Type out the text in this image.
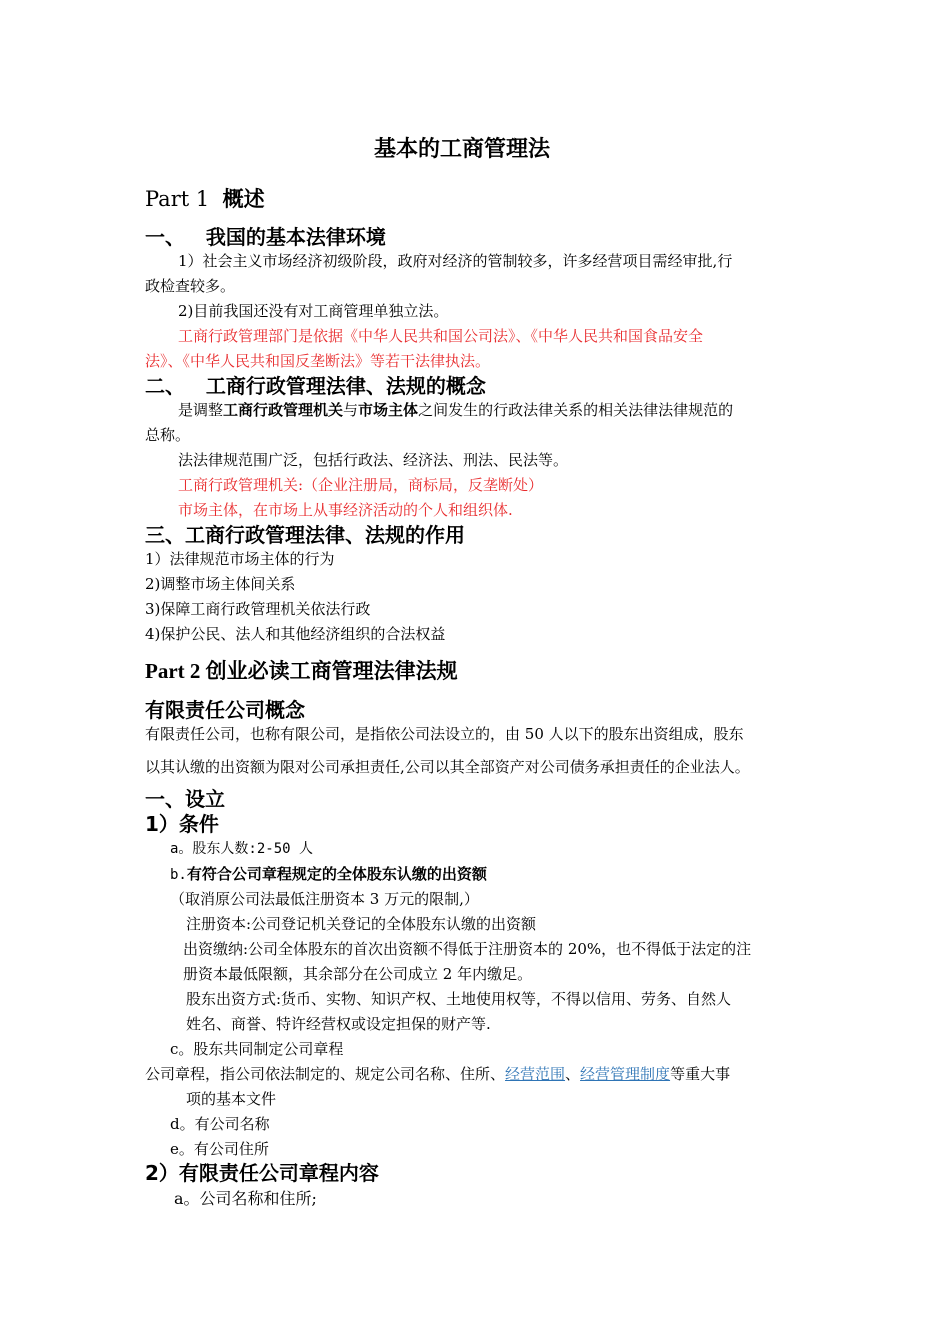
基本的工商管理法
Part 1 概述
一、 我国的基本法律环境
1）社会主义市场经济初级阶段，政府对经济的管制较多，许多经营项目需经审批,行
政检查较多。
2)目前我国还没有对工商管理单独立法。
工商行政管理部门是依据《中华人民共和国公司法》、《中华人民共和国食品安全
法》、《中华人民共和国反垄断法》等若干法律执法。
二、 工商行政管理法律、法规的概念
是调整工商行政管理机关与市场主体之间发生的行政法律关系的相关法律法律规范的
总称。
法法律规范围广泛，包括行政法、经济法、刑法、民法等。
工商行政管理机关:（企业注册局，商标局，反垄断处）
市场主体，在市场上从事经济活动的个人和组织体.
三、工商行政管理法律、法规的作用
1）法律规范市场主体的行为
2)调整市场主体间关系
3)保障工商行政管理机关依法行政
4)保护公民、法人和其他经济组织的合法权益
Part 2 创业必读工商管理法律法规
有限责任公司概念
有限责任公司，也称有限公司，是指依公司法设立的，由 50 人以下的股东出资组成，股东
以其认缴的出资额为限对公司承担责任,公司以其全部资产对公司债务承担责任的企业法人。
一、设立
1）条件
a。股东人数:2-50 人
b.有符合公司章程规定的全体股东认缴的出资额
（取消原公司法最低注册资本 3 万元的限制,）
注册资本:公司登记机关登记的全体股东认缴的出资额
出资缴纳:公司全体股东的首次出资额不得低于注册资本的 20%，也不得低于法定的注
册资本最低限额，其余部分在公司成立 2 年内缴足。
股东出资方式:货币、实物、知识产权、土地使用权等，不得以信用、劳务、自然人
姓名、商誉、特许经营权或设定担保的财产等.
c。股东共同制定公司章程
公司章程，指公司依法制定的、规定公司名称、住所、经营范围、经营管理制度等重大事
项的基本文件
d。有公司名称
e。有公司住所
2）有限责任公司章程内容
a。公司名称和住所;
